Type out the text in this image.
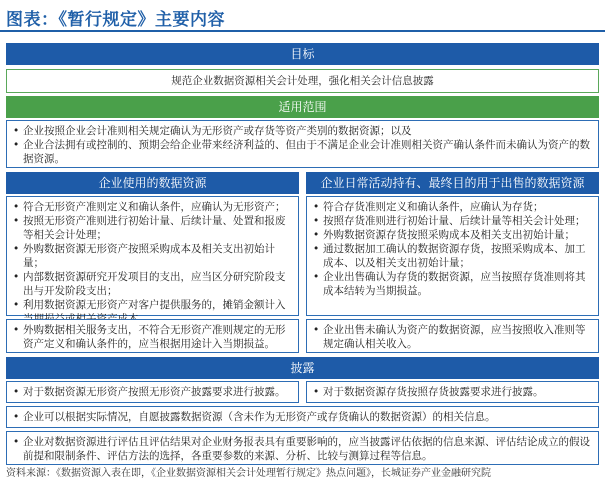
图表：《暂行规定》主要内容
目标
规范企业数据资源相关会计处理，强化相关会计信息披露
适用范围
• 企业按照企业会计准则相关规定确认为无形资产或存货等资产类别的数据资源；以及
• 企业合法拥有或控制的、预期会给企业带来经济利益的、但由于不满足企业会计准则相关资产确认条件而未确认为资产的数据资源。
企业使用的数据资源
• 符合无形资产准则定义和确认条件，应确认为无形资产；
• 按照无形资产准则进行初始计量、后续计量、处置和报废等相关会计处理；
• 外购数据资源无形资产按照采购成本及相关支出初始计量；
• 内部数据资源研究开发项目的支出，应当区分研究阶段支出与开发阶段支出；
• 利用数据资源无形资产对客户提供服务的，摊销金额计入
• 外购数据相关服务支出，不符合无形资产准则规定的无形资产定义和确认条件的，应当根据用途计入当期损益。
企业日常活动持有、最终目的用于出售的数据资源
• 符合存货准则定义和确认条件，应确认为存货；
• 按照存货准则进行初始计量、后续计量等相关会计处理；
• 外购数据资源存货按照采购成本及相关支出初始计量；
• 通过数据加工确认的数据资源存货，按照采购成本、加工成本、以及相关支出初始计量；
• 企业出售确认为存货的数据资源，应当按照存货准则将其成本结转为当期损益。
• 企业出售未确认为资产的数据资源，应当按照收入准则等规定确认相关收入。
披露
• 对于数据资源无形资产按照无形资产披露要求进行披露。
•	对于数据资源存货按照存货披露要求进行披露。
• 企业可以根据实际情况，自愿披露数据资源（含未作为无形资产或存货确认的数据资源）的相关信息。
• 企业对数据资源进行评估且评估结果对企业财务报表具有重要影响的，应当披露评估依据的信息来源、评估结论成立的假设前提和限制条件、评估方法的选择，各重要参数的来源、分析、比较与测算过程等信息。
资料来源：《数据资源入表在即，《企业数据资源相关会计处理暂行规定》热点问题》，长城证券产业金融研究院
